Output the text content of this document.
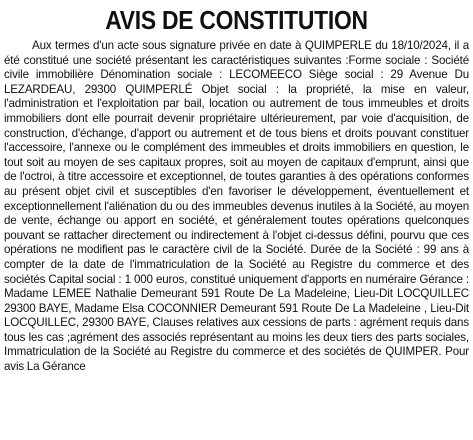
AVIS DE CONSTITUTION

Aux termes d'un acte sous signature privée en date à QUIMPERLE du 18/10/2024, il a été constitué une société présentant les caractéristiques suivantes :Forme sociale : Société civile immobilière Dénomination sociale : LECOMEECO Siège social : 29 Avenue Du LEZARDEAU, 29300 QUIMPERLÉ Objet social : la propriété, la mise en valeur, l'administration et l'exploitation par bail, location ou autrement de tous immeubles et droits immobiliers dont elle pourrait devenir propriétaire ultérieurement, par voie d'acquisition, de construction, d'échange, d'apport ou autrement et de tous biens et droits pouvant constituer l'accessoire, l'annexe ou le complément des immeubles et droits immobiliers en question, le tout soit au moyen de ses capitaux propres, soit au moyen de capitaux d'emprunt, ainsi que de l'octroi, à titre accessoire et exceptionnel, de toutes garanties à des opérations conformes au présent objet civil et susceptibles d'en favoriser le développement, éventuellement et exceptionnellement l'aliénation du ou des immeubles devenus inutiles à la Société, au moyen de vente, échange ou apport en société, et généralement toutes opérations quelconques pouvant se rattacher directement ou indirectement à l'objet ci-dessus défini, pourvu que ces opérations ne modifient pas le caractère civil de la Société. Durée de la Société : 99 ans à compter de la date de l'immatriculation de la Société au Registre du commerce et des sociétés Capital social : 1 000 euros, constitué uniquement d'apports en numéraire Gérance : Madame LEMEE Nathalie Demeurant 591 Route De La Madeleine, Lieu-Dit LOCQUILLEC 29300 BAYE, Madame Elsa COCONNIER Demeurant 591 Route De La Madeleine , Lieu-Dit LOCQUILLEC, 29300 BAYE, Clauses relatives aux cessions de parts : agrément requis dans tous les cas ;agrément des associés représentant au moins les deux tiers des parts sociales, Immatriculation de la Société au Registre du commerce et des sociétés de QUIMPER. Pour avis La Gérance
